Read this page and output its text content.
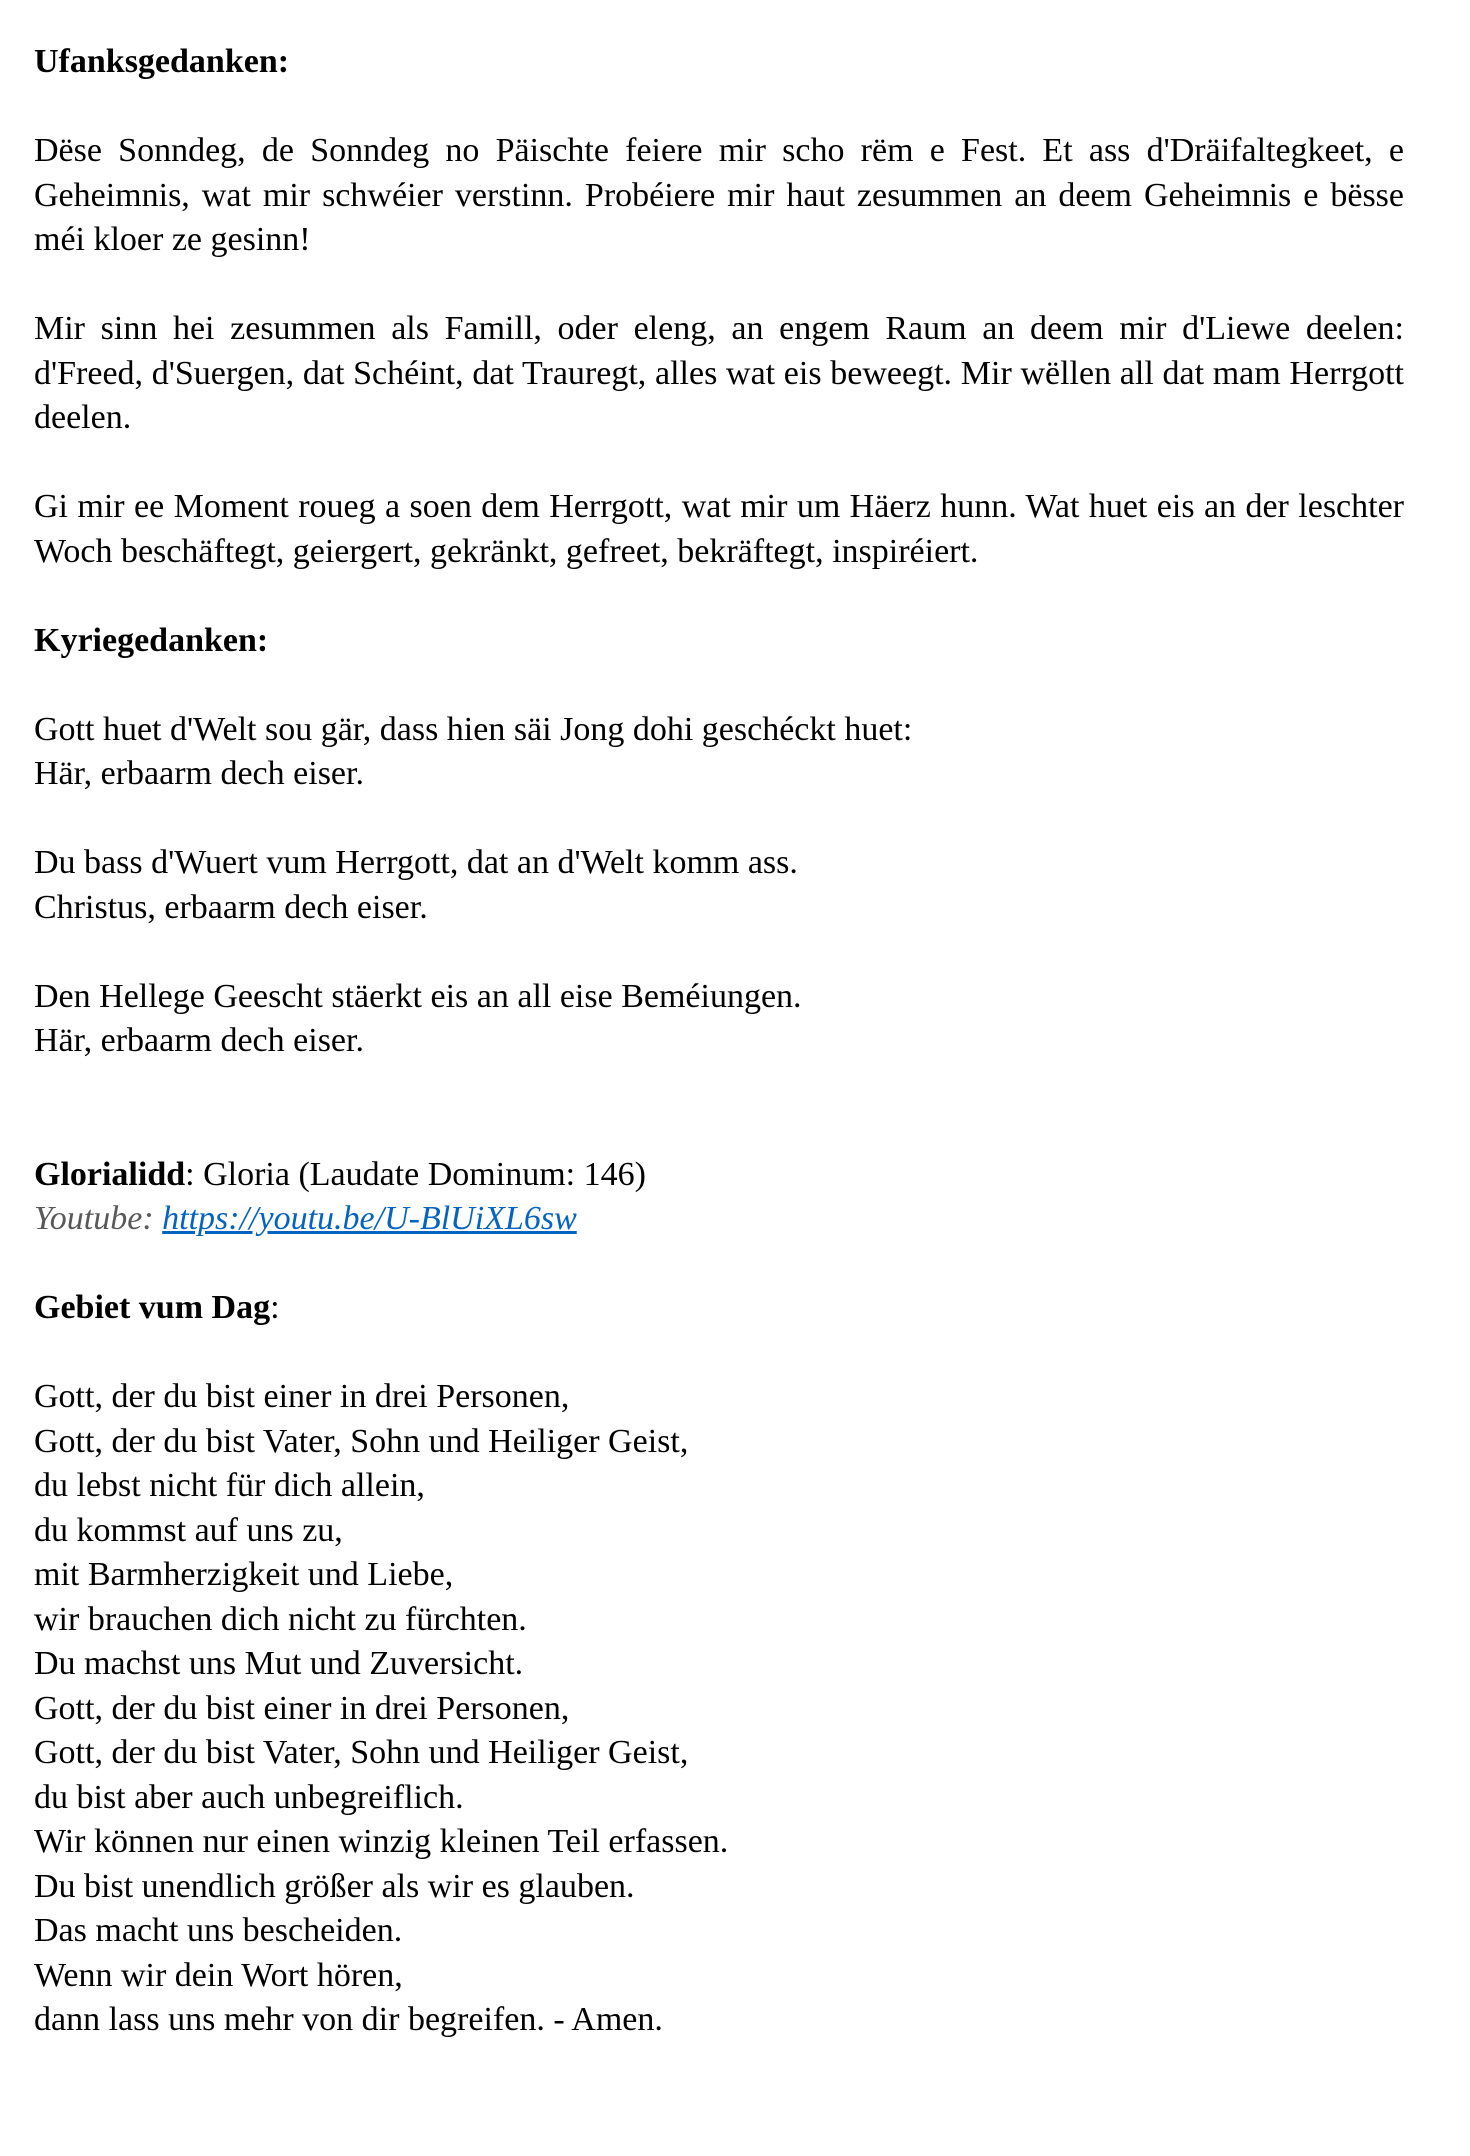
Ufanksgedanken:

Dëse Sonndeg, de Sonndeg no Päischte feiere mir scho rëm e Fest. Et ass d'Dräifaltegkeet, e Geheimnis, wat mir schwéier verstinn. Probéiere mir haut zesummen an deem Geheimnis e bësse méi kloer ze gesinn!

Mir sinn hei zesummen als Famill, oder eleng, an engem Raum an deem mir d'Liewe deelen: d'Freed, d'Suergen, dat Schéint, dat Trauregt, alles wat eis beweegt. Mir wëllen all dat mam Herrgott deelen.

Gi mir ee Moment roueg a soen dem Herrgott, wat mir um Häerz hunn. Wat huet eis an der leschter Woch beschäftegt, geiergert, gekränkt, gefreet, bekräftegt, inspiréiert.

Kyriegedanken:

Gott huet d'Welt sou gär, dass hien säi Jong dohi geschéckt huet:
Här, erbaarm dech eiser.

Du bass d'Wuert vum Herrgott, dat an d'Welt komm ass.
Christus, erbaarm dech eiser.

Den Hellege Geescht stäerkt eis an all eise Beméiungen.
Här, erbaarm dech eiser.

Glorialidd: Gloria (Laudate Dominum: 146)

Youtube: https://youtu.be/U-BlUiXL6sw

Gebiet vum Dag:

Gott, der du bist einer in drei Personen,
Gott, der du bist Vater, Sohn und Heiliger Geist,
du lebst nicht für dich allein,
du kommst auf uns zu,
mit Barmherzigkeit und Liebe,
wir brauchen dich nicht zu fürchten.
Du machst uns Mut und Zuversicht.
Gott, der du bist einer in drei Personen,
Gott, der du bist Vater, Sohn und Heiliger Geist,
du bist aber auch unbegreiflich.
Wir können nur einen winzig kleinen Teil erfassen.
Du bist unendlich größer als wir es glauben.
Das macht uns bescheiden.
Wenn wir dein Wort hören,
dann lass uns mehr von dir begreifen. - Amen.
